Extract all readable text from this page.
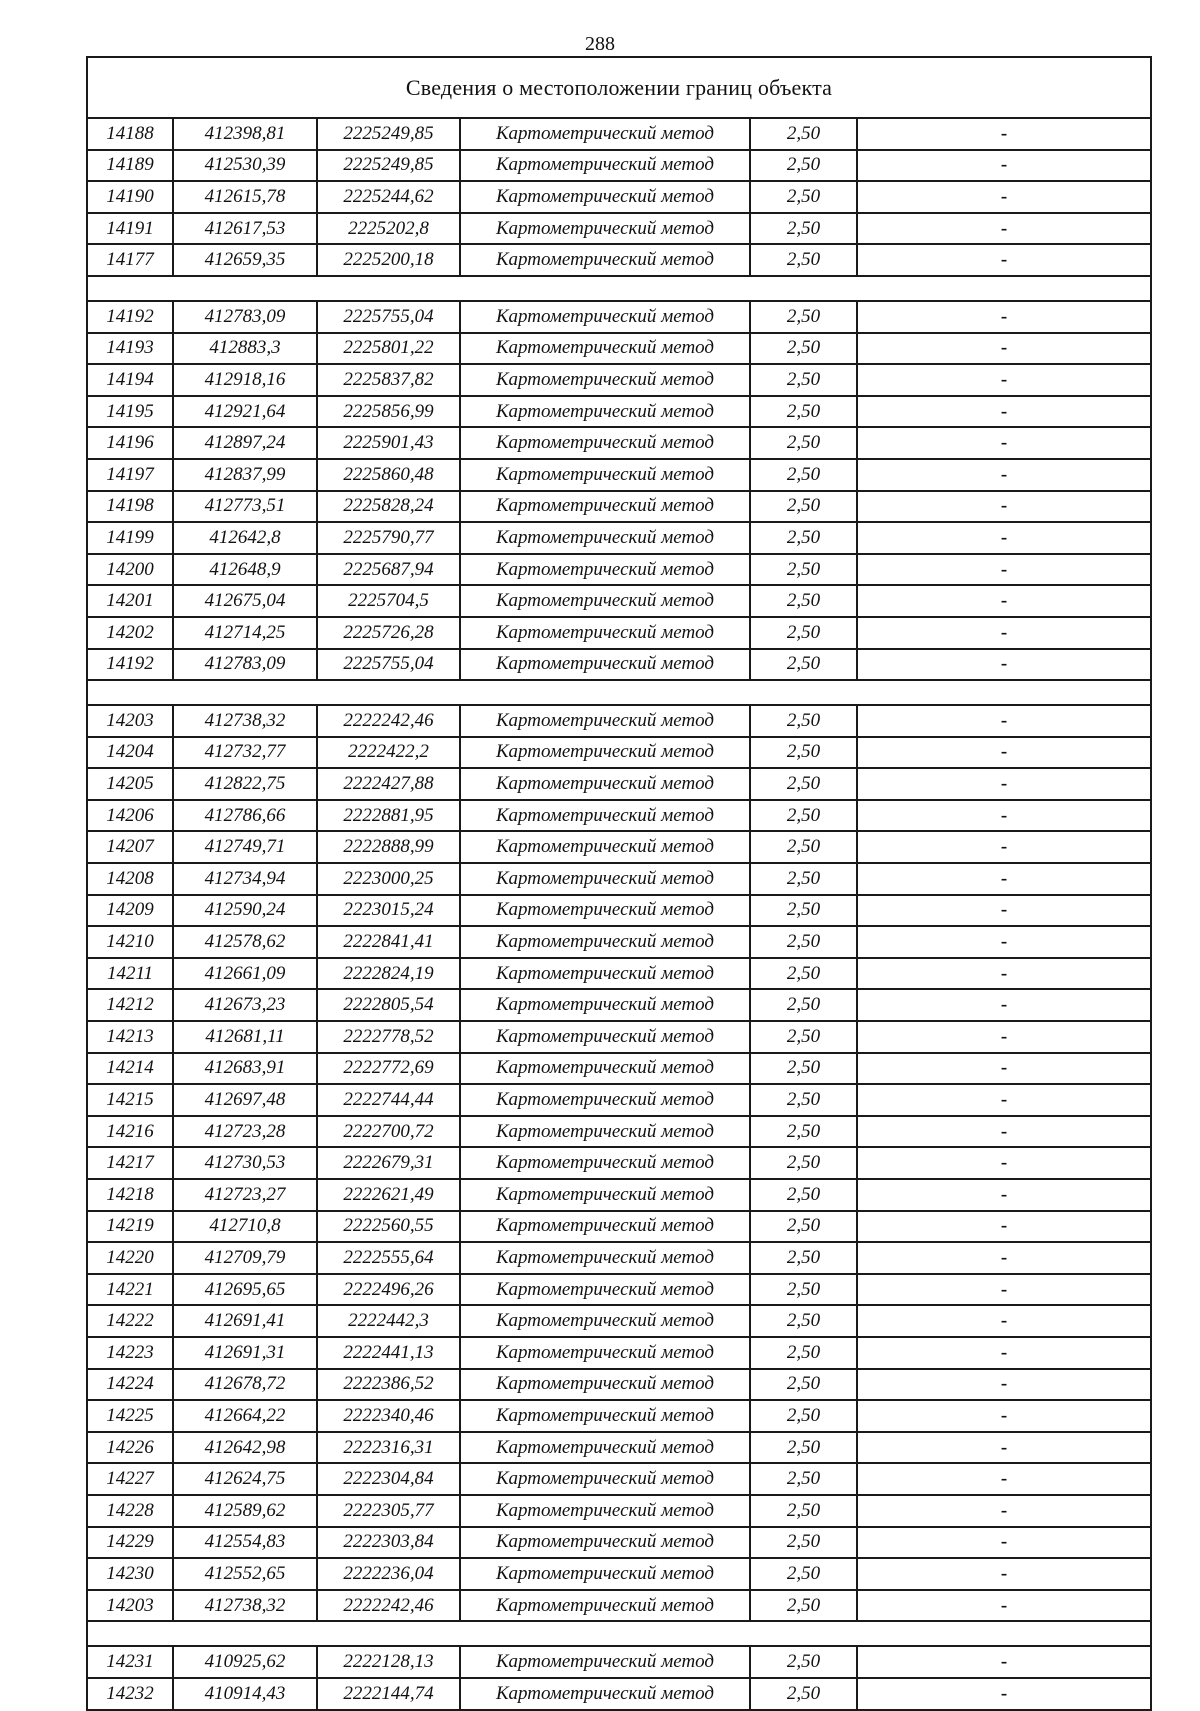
288
Сведения о местоположении границ объекта					
14188	412398,81	2225249,85	Картометрический метод	2,50	-
14189	412530,39	2225249,85	Картометрический метод	2,50	-
14190	412615,78	2225244,62	Картометрический метод	2,50	-
14191	412617,53	2225202,8	Картометрический метод	2,50	-
14177	412659,35	2225200,18	Картометрический метод	2,50	-

14192	412783,09	2225755,04	Картометрический метод	2,50	-
14193	412883,3	2225801,22	Картометрический метод	2,50	-
14194	412918,16	2225837,82	Картометрический метод	2,50	-
14195	412921,64	2225856,99	Картометрический метод	2,50	-
14196	412897,24	2225901,43	Картометрический метод	2,50	-
14197	412837,99	2225860,48	Картометрический метод	2,50	-
14198	412773,51	2225828,24	Картометрический метод	2,50	-
14199	412642,8	2225790,77	Картометрический метод	2,50	-
14200	412648,9	2225687,94	Картометрический метод	2,50	-
14201	412675,04	2225704,5	Картометрический метод	2,50	-
14202	412714,25	2225726,28	Картометрический метод	2,50	-
14192	412783,09	2225755,04	Картометрический метод	2,50	-

14203	412738,32	2222242,46	Картометрический метод	2,50	-
14204	412732,77	2222422,2	Картометрический метод	2,50	-
14205	412822,75	2222427,88	Картометрический метод	2,50	-
14206	412786,66	2222881,95	Картометрический метод	2,50	-
14207	412749,71	2222888,99	Картометрический метод	2,50	-
14208	412734,94	2223000,25	Картометрический метод	2,50	-
14209	412590,24	2223015,24	Картометрический метод	2,50	-
14210	412578,62	2222841,41	Картометрический метод	2,50	-
14211	412661,09	2222824,19	Картометрический метод	2,50	-
14212	412673,23	2222805,54	Картометрический метод	2,50	-
14213	412681,11	2222778,52	Картометрический метод	2,50	-
14214	412683,91	2222772,69	Картометрический метод	2,50	-
14215	412697,48	2222744,44	Картометрический метод	2,50	-
14216	412723,28	2222700,72	Картометрический метод	2,50	-
14217	412730,53	2222679,31	Картометрический метод	2,50	-
14218	412723,27	2222621,49	Картометрический метод	2,50	-
14219	412710,8	2222560,55	Картометрический метод	2,50	-
14220	412709,79	2222555,64	Картометрический метод	2,50	-
14221	412695,65	2222496,26	Картометрический метод	2,50	-
14222	412691,41	2222442,3	Картометрический метод	2,50	-
14223	412691,31	2222441,13	Картометрический метод	2,50	-
14224	412678,72	2222386,52	Картометрический метод	2,50	-
14225	412664,22	2222340,46	Картометрический метод	2,50	-
14226	412642,98	2222316,31	Картометрический метод	2,50	-
14227	412624,75	2222304,84	Картометрический метод	2,50	-
14228	412589,62	2222305,77	Картометрический метод	2,50	-
14229	412554,83	2222303,84	Картометрический метод	2,50	-
14230	412552,65	2222236,04	Картометрический метод	2,50	-
14203	412738,32	2222242,46	Картометрический метод	2,50	-

14231	410925,62	2222128,13	Картометрический метод	2,50	-
14232	410914,43	2222144,74	Картометрический метод	2,50	-
